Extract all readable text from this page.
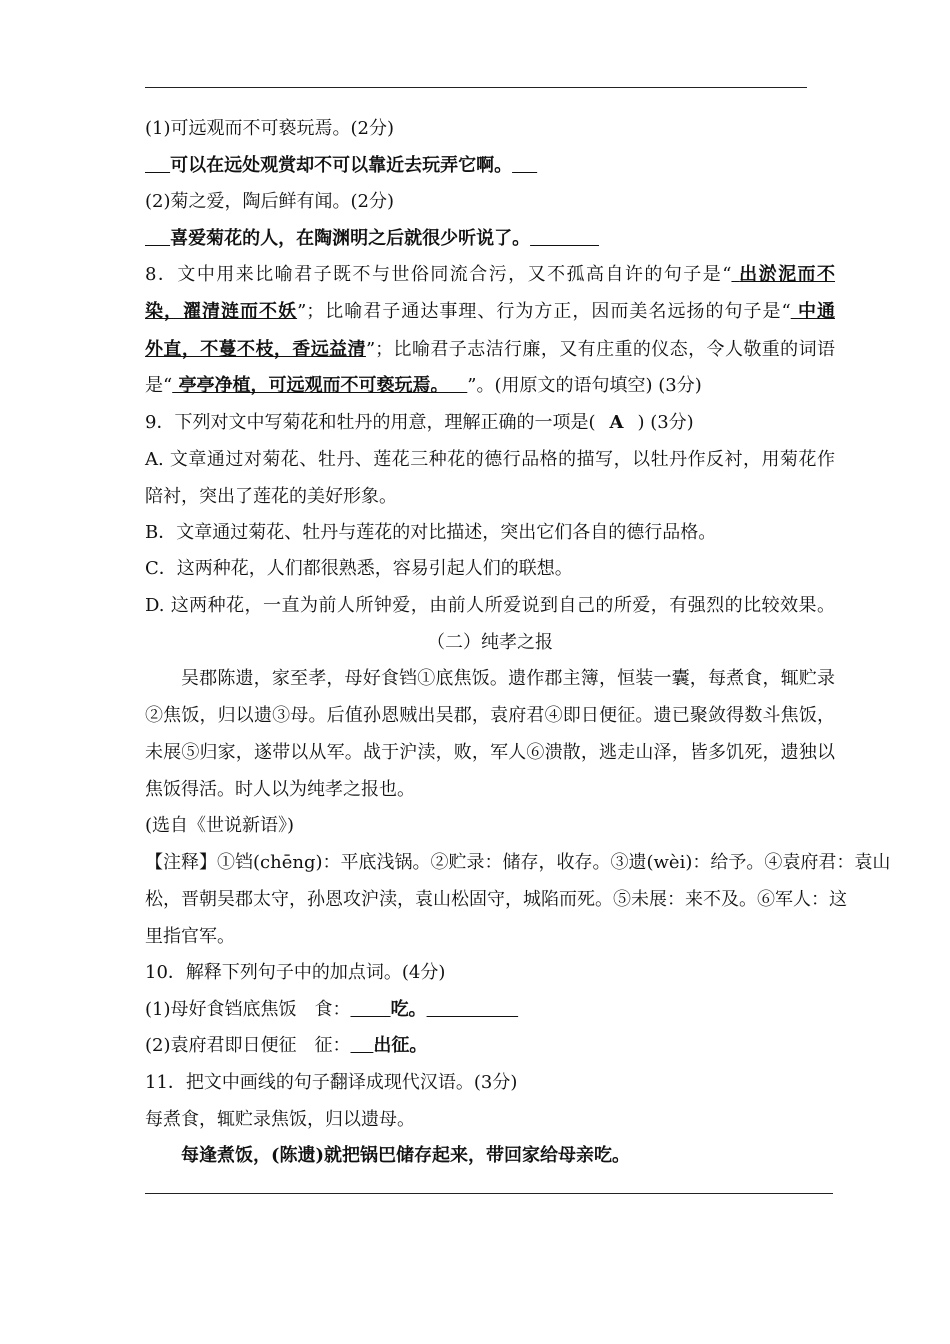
(1)可远观而不可亵玩焉。(2分)
可以在远处观赏却不可以靠近去玩弄它啊。
(2)菊之爱，陶后鲜有闻。(2分)
喜爱菊花的人，在陶渊明之后就很少听说了。
8．文中用来比喻君子既不与世俗同流合污，又不孤高自许的句子是“ 出淤泥而不
染，濯清涟而不妖”；比喻君子通达事理、行为方正，因而美名远扬的句子是“ 中通
外直，不蔓不枝，香远益清”；比喻君子志洁行廉，又有庄重的仪态，令人敬重的词语
是“ 亭亭净植，可远观而不可亵玩焉。 ”。(用原文的语句填空) (3分)
9．下列对文中写菊花和牡丹的用意，理解正确的一项是( A ) (3分)
A. 文章通过对菊花、牡丹、莲花三种花的德行品格的描写，以牡丹作反衬，用菊花作
陪衬，突出了莲花的美好形象。
B．文章通过菊花、牡丹与莲花的对比描述，突出它们各自的德行品格。
C．这两种花，人们都很熟悉，容易引起人们的联想。
D. 这两种花，一直为前人所钟爱，由前人所爱说到自己的所爱，有强烈的比较效果。
（二）纯孝之报
吴郡陈遗，家至孝，母好食铛①底焦饭。遗作郡主簿，恒装一囊，每煮食，辄贮录
②焦饭，归以遗③母。后值孙恩贼出吴郡，袁府君④即日便征。遗已聚敛得数斗焦饭，
未展⑤归家，遂带以从军。战于沪渎，败，军人⑥溃散，逃走山泽，皆多饥死，遗独以
焦饭得活。时人以为纯孝之报也。
(选自《世说新语》)
【注释】①铛(chēng)：平底浅锅。②贮录：储存，收存。③遗(wèi)：给予。④袁府君：袁山
松，晋朝吴郡太守，孙恩攻沪渎，袁山松固守，城陷而死。⑤未展：来不及。⑥军人：这
里指官军。
10．解释下列句子中的加点词。(4分)
(1)母好食铛底焦饭　食： 吃。
(2)袁府君即日便征　征： 出征。
11．把文中画线的句子翻译成现代汉语。(3分)
每煮食，辄贮录焦饭，归以遗母。
每逢煮饭，(陈遗)就把锅巴储存起来，带回家给母亲吃。
